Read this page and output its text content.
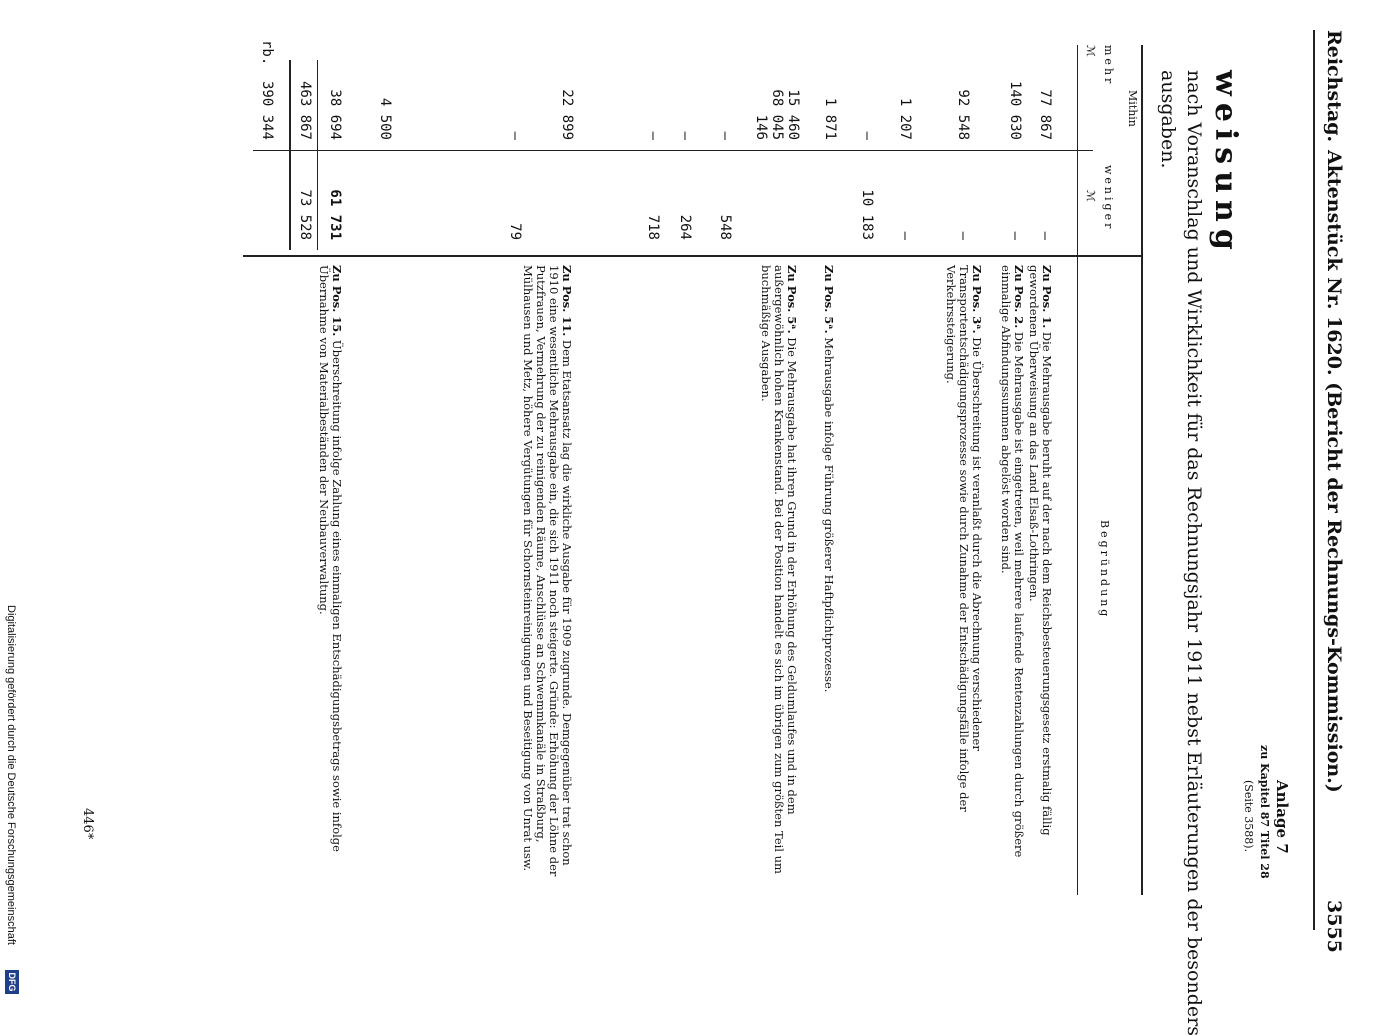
Reichstag.
Aktenstück Nr. 1620. (Bericht der Rechnungs-Kommission.)
3555
Anlage 7
zu Kapitel 87 Titel 28
(Seite 3588).
weisung
nach Voranschlag und Wirklichkeit für das Rechnungsjahr 1911 nebst Erläuterungen der besonders
ausgaben.
Mithin
mehr
ℳ
weniger
ℳ
Begründung
77 867
140 630
92 548
1 207
—
1 871
15 460
68 045
146
—
—
—
22 899
—
4 500
38 694
—
—
—
—
10 183
548
264
718
79
61 731
463 867
73 528
rb.
390 344
Zu Pos. 1. Die Mehrausgabe beruht auf der nach dem Reichsbesteuerungsgesetz erstmalig fällig gewordenen Überweisung an das Land Elsaß-Lothringen.
Zu Pos. 2. Die Mehrausgabe ist eingetreten, weil mehrere laufende Rentenzahlungen durch größere einmalige Abfindungssummen abgelöst worden sind.
Zu Pos. 3ᵃ. Die Überschreitung ist veranlaßt durch die Abrechnung verschiedener Transportentschädigungsprozesse sowie durch Zunahme der Entschädigungsfälle infolge der Verkehrssteigerung.
Zu Pos. 5ᵃ. Mehrausgabe infolge Führung größerer Haftpflichtprozesse.
Zu Pos. 5ᵃ. Die Mehrausgabe hat ihren Grund in der Erhöhung des Geldumlaufes und in dem außergewöhnlich hohen Krankenstand. Bei der Position handelt es sich im übrigen zum größten Teil um buchmäßige Ausgaben.
Zu Pos. 11. Dem Etatsansatz lag die wirkliche Ausgabe für 1909 zugrunde. Demgegenüber trat schon 1910 eine wesentliche Mehrausgabe ein, die sich 1911 noch steigerte. Gründe: Erhöhung der Löhne der Putzfrauen, Vermehrung der zu reinigenden Räume, Anschlüsse an Schwemmkanäle in Straßburg, Mülhausen und Metz, höhere Vergütungen für Schornsteinreinigungen und Beseitigung von Unrat usw.
Zu Pos. 15. Überschreitung infolge Zahlung eines einmaligen Entschädigungsbetrags sowie infolge Übernahme von Materialbeständen der Neubauverwaltung.
446*
Digitalisierung gefördert durch die Deutsche Forschungsgemeinschaft
DFG
